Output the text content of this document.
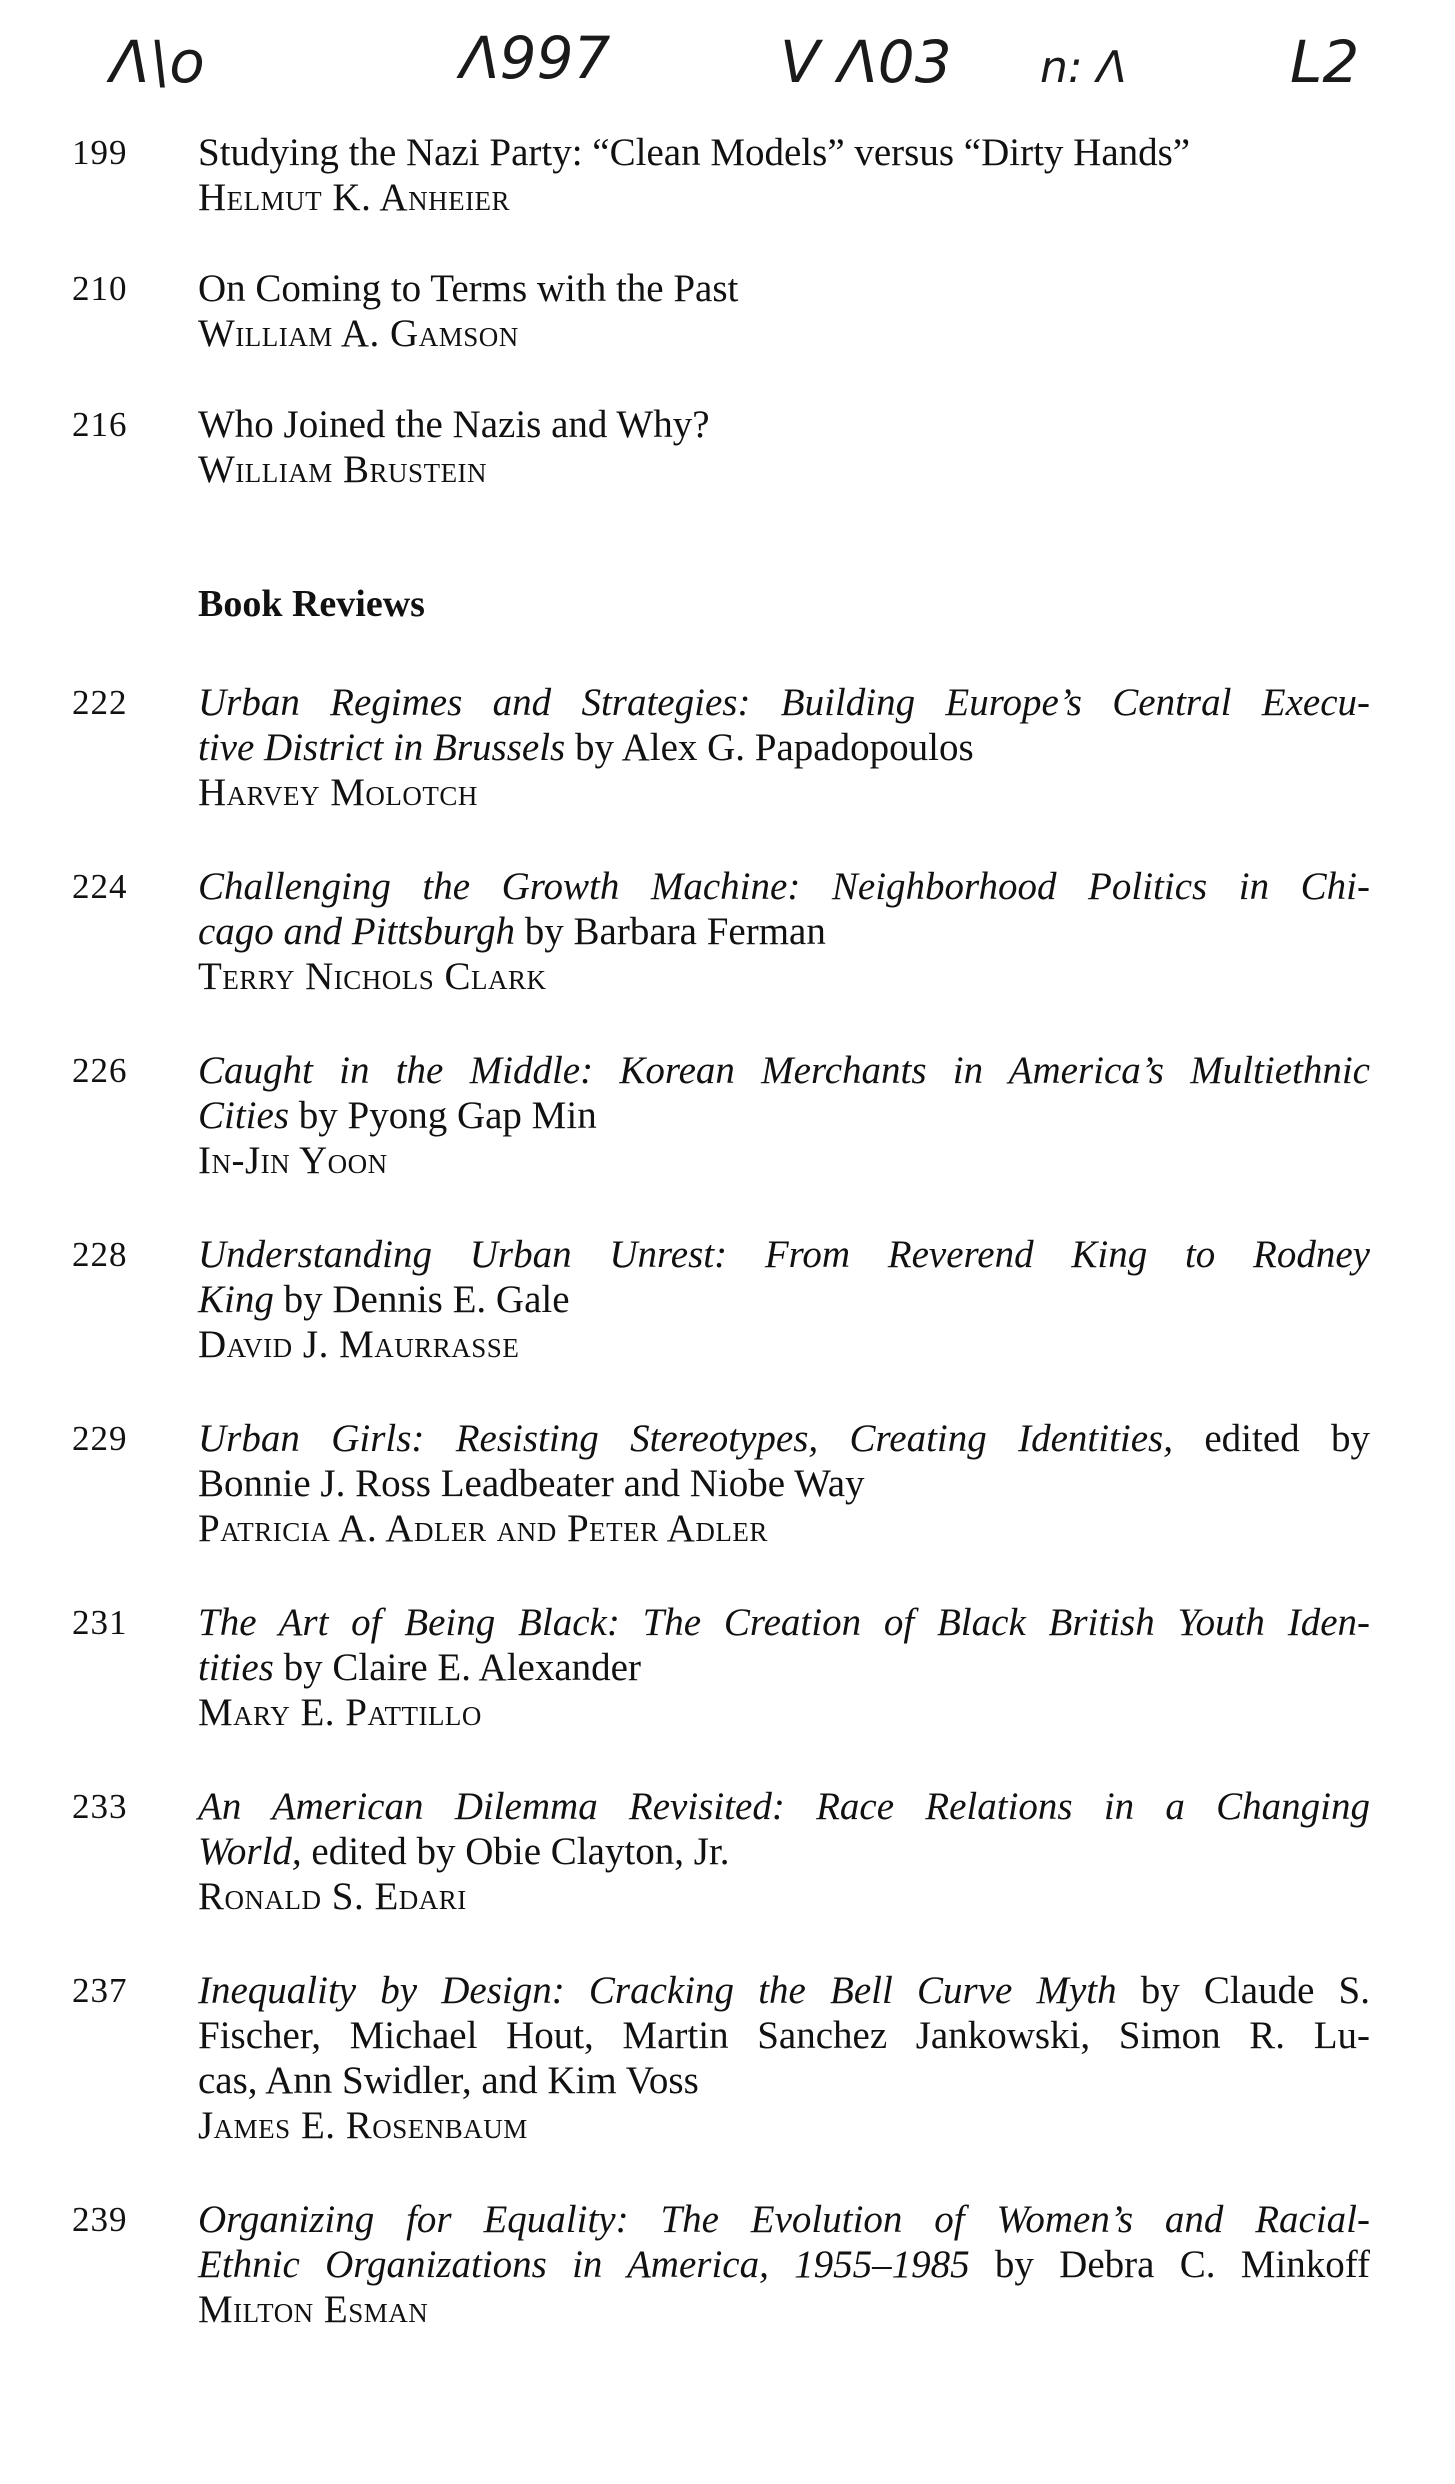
Λ\o	Λ997	V Λ03 n: Λ	L2
199 Studying the Nazi Party: “Clean Models” versus “Dirty Hands”
Helmut K. Anheier
210 On Coming to Terms with the Past
William A. Gamson
216 Who Joined the Nazis and Why?
William Brustein
Book Reviews
222 Urban Regimes and Strategies: Building Europe’s Central Execu-
tive District in Brussels by Alex G. Papadopoulos
Harvey Molotch
224 Challenging the Growth Machine: Neighborhood Politics in Chi-
cago and Pittsburgh by Barbara Ferman
Terry Nichols Clark
226 Caught in the Middle: Korean Merchants in America’s Multiethnic
Cities by Pyong Gap Min
In-Jin Yoon
228 Understanding Urban Unrest: From Reverend King to Rodney
King by Dennis E. Gale
David J. Maurrasse
229 Urban Girls: Resisting Stereotypes, Creating Identities, edited by
Bonnie J. Ross Leadbeater and Niobe Way
Patricia A. Adler and Peter Adler
231 The Art of Being Black: The Creation of Black British Youth Iden-
tities by Claire E. Alexander
Mary E. Pattillo
233 An American Dilemma Revisited: Race Relations in a Changing
World, edited by Obie Clayton, Jr.
Ronald S. Edari
237 Inequality by Design: Cracking the Bell Curve Myth by Claude S.
Fischer, Michael Hout, Martin Sanchez Jankowski, Simon R. Lu-
cas, Ann Swidler, and Kim Voss
James E. Rosenbaum
239 Organizing for Equality: The Evolution of Women’s and Racial-
Ethnic Organizations in America, 1955–1985 by Debra C. Minkoff
Milton Esman
